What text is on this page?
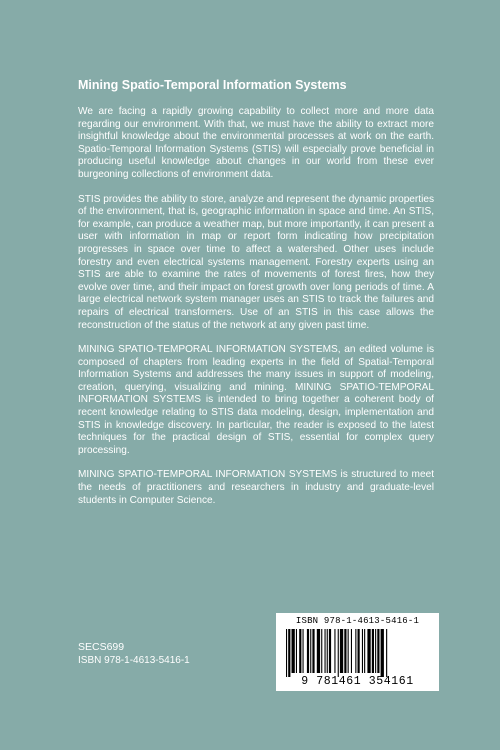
Mining Spatio-Temporal Information Systems

We are facing a rapidly growing capability to collect more and more data regarding our environment. With that, we must have the ability to extract more insightful knowledge about the environmental processes at work on the earth. Spatio-Temporal Information Systems (STIS) will especially prove beneficial in producing useful knowledge about changes in our world from these ever burgeoning collections of environment data.

STIS provides the ability to store, analyze and represent the dynamic properties of the environment, that is, geographic information in space and time. An STIS, for example, can produce a weather map, but more importantly, it can present a user with information in map or report form indicating how precipitation progresses in space over time to affect a watershed. Other uses include forestry and even electrical systems management. Forestry experts using an STIS are able to examine the rates of movements of forest fires, how they evolve over time, and their impact on forest growth over long periods of time. A large electrical network system manager uses an STIS to track the failures and repairs of electrical transformers. Use of an STIS in this case allows the reconstruction of the status of the network at any given past time.

MINING SPATIO-TEMPORAL INFORMATION SYSTEMS, an edited volume is composed of chapters from leading experts in the field of Spatial-Temporal Information Systems and addresses the many issues in support of modeling, creation, querying, visualizing and mining. MINING SPATIO-TEMPORAL INFORMATION SYSTEMS is intended to bring together a coherent body of recent knowledge relating to STIS data modeling, design, implementation and STIS in knowledge discovery. In particular, the reader is exposed to the latest techniques for the practical design of STIS, essential for complex query processing.

MINING SPATIO-TEMPORAL INFORMATION SYSTEMS is structured to meet the needs of practitioners and researchers in industry and graduate-level students in Computer Science.

SECS699
ISBN 978-1-4613-5416-1
ISBN 978-1-4613-5416-1
9 781461 354161
